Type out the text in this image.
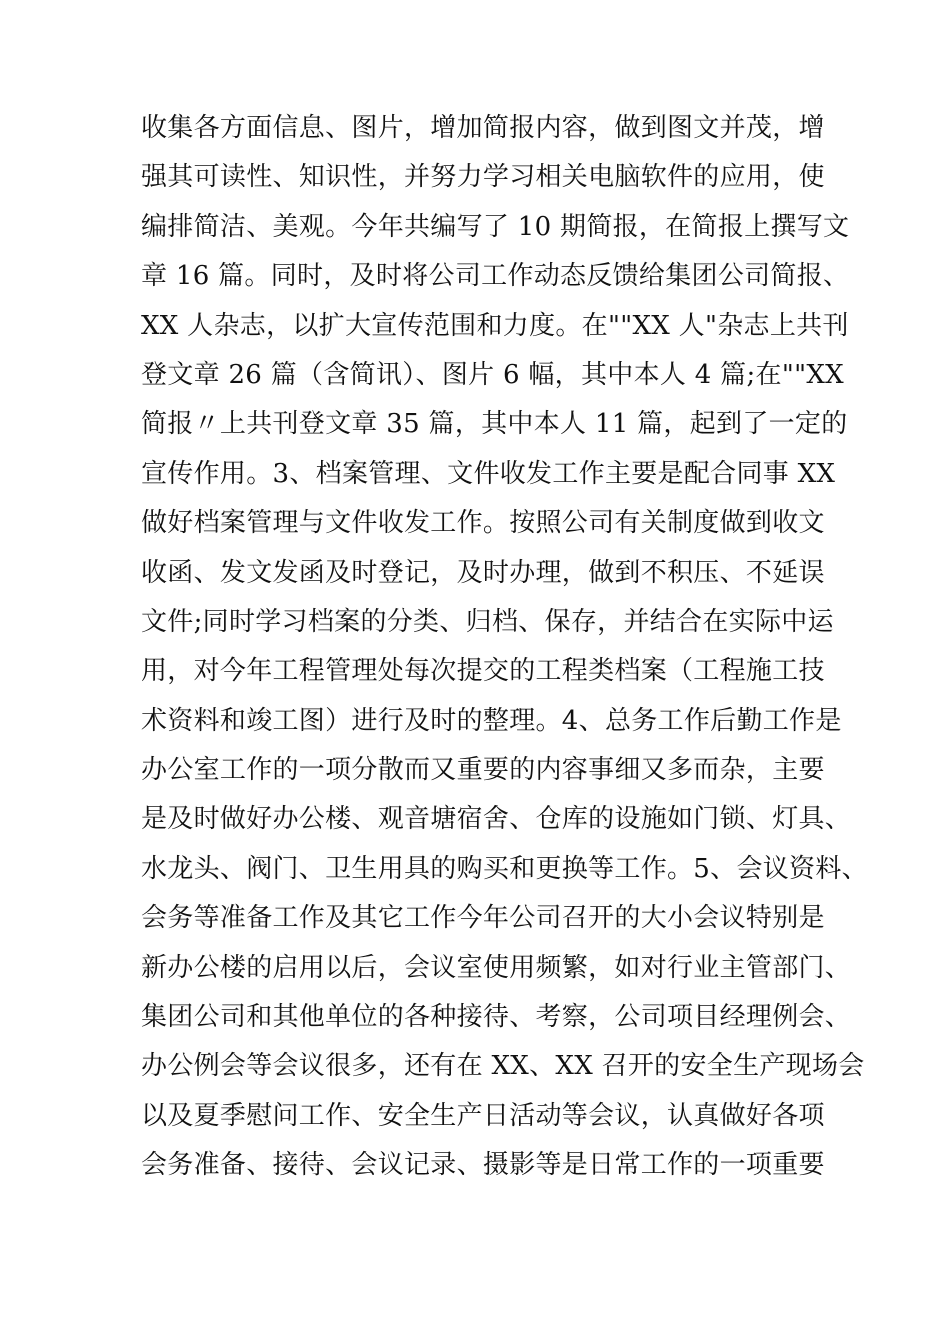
收集各方面信息、图片，增加简报内容，做到图文并茂，增
强其可读性、知识性，并努力学习相关电脑软件的应用，使
编排简洁、美观。今年共编写了 10 期简报，在简报上撰写文
章 16 篇。同时，及时将公司工作动态反馈给集团公司简报、
XX 人杂志，以扩大宣传范围和力度。在""XX 人"杂志上共刊
登文章 26 篇（含简讯）、图片 6 幅，其中本人 4 篇;在""XX
简报〃上共刊登文章 35 篇，其中本人 11 篇，起到了一定的
宣传作用。3、档案管理、文件收发工作主要是配合同事 XX
做好档案管理与文件收发工作。按照公司有关制度做到收文
收函、发文发函及时登记，及时办理，做到不积压、不延误
文件;同时学习档案的分类、归档、保存，并结合在实际中运
用，对今年工程管理处每次提交的工程类档案（工程施工技
术资料和竣工图）进行及时的整理。4、总务工作后勤工作是
办公室工作的一项分散而又重要的内容事细又多而杂，主要
是及时做好办公楼、观音塘宿舍、仓库的设施如门锁、灯具、
水龙头、阀门、卫生用具的购买和更换等工作。5、会议资料、
会务等准备工作及其它工作今年公司召开的大小会议特别是
新办公楼的启用以后，会议室使用频繁，如对行业主管部门、
集团公司和其他单位的各种接待、考察，公司项目经理例会、
办公例会等会议很多，还有在 XX、XX 召开的安全生产现场会
以及夏季慰问工作、安全生产日活动等会议，认真做好各项
会务准备、接待、会议记录、摄影等是日常工作的一项重要
